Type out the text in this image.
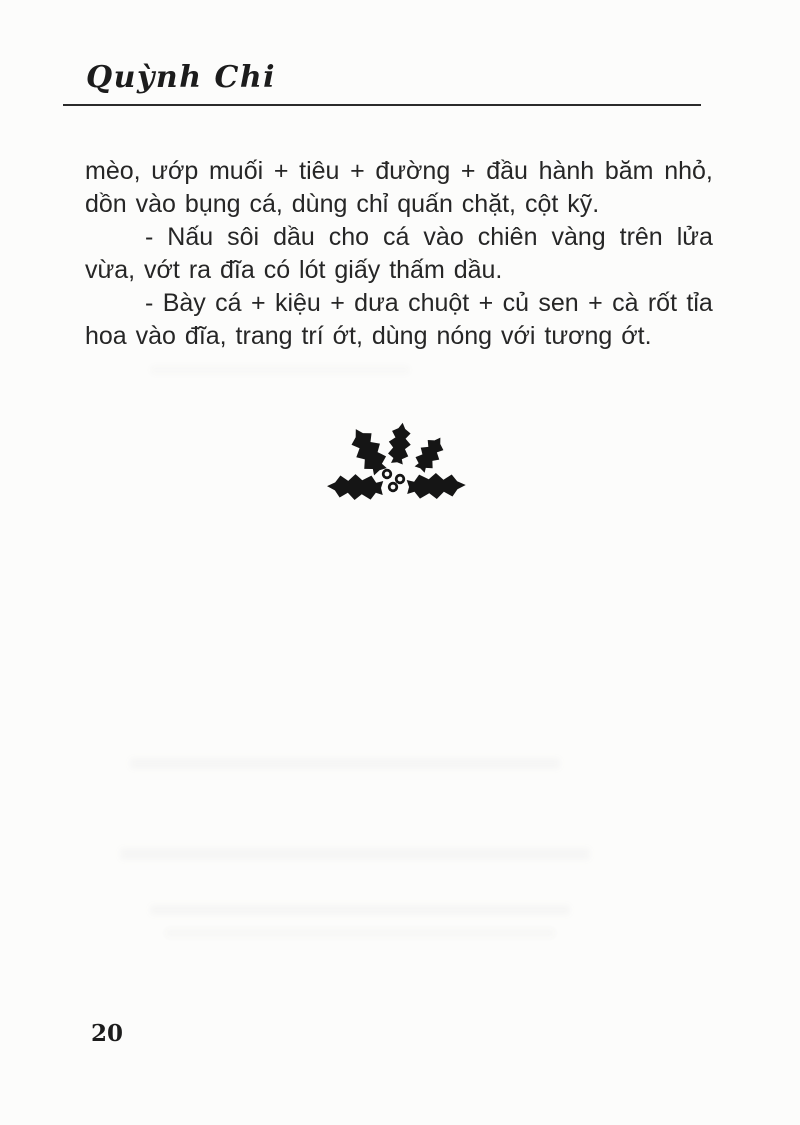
Quỳnh Chi
mèo, ướp muối + tiêu + đường + đầu hành băm nhỏ,
dồn vào bụng cá, dùng chỉ quấn chặt, cột kỹ.
- Nấu sôi dầu cho cá vào chiên vàng trên lửa
vừa, vớt ra đĩa có lót giấy thấm dầu.
- Bày cá + kiệu + dưa chuột + củ sen + cà rốt tỉa
hoa vào đĩa, trang trí ớt, dùng nóng với tương ớt.
20
